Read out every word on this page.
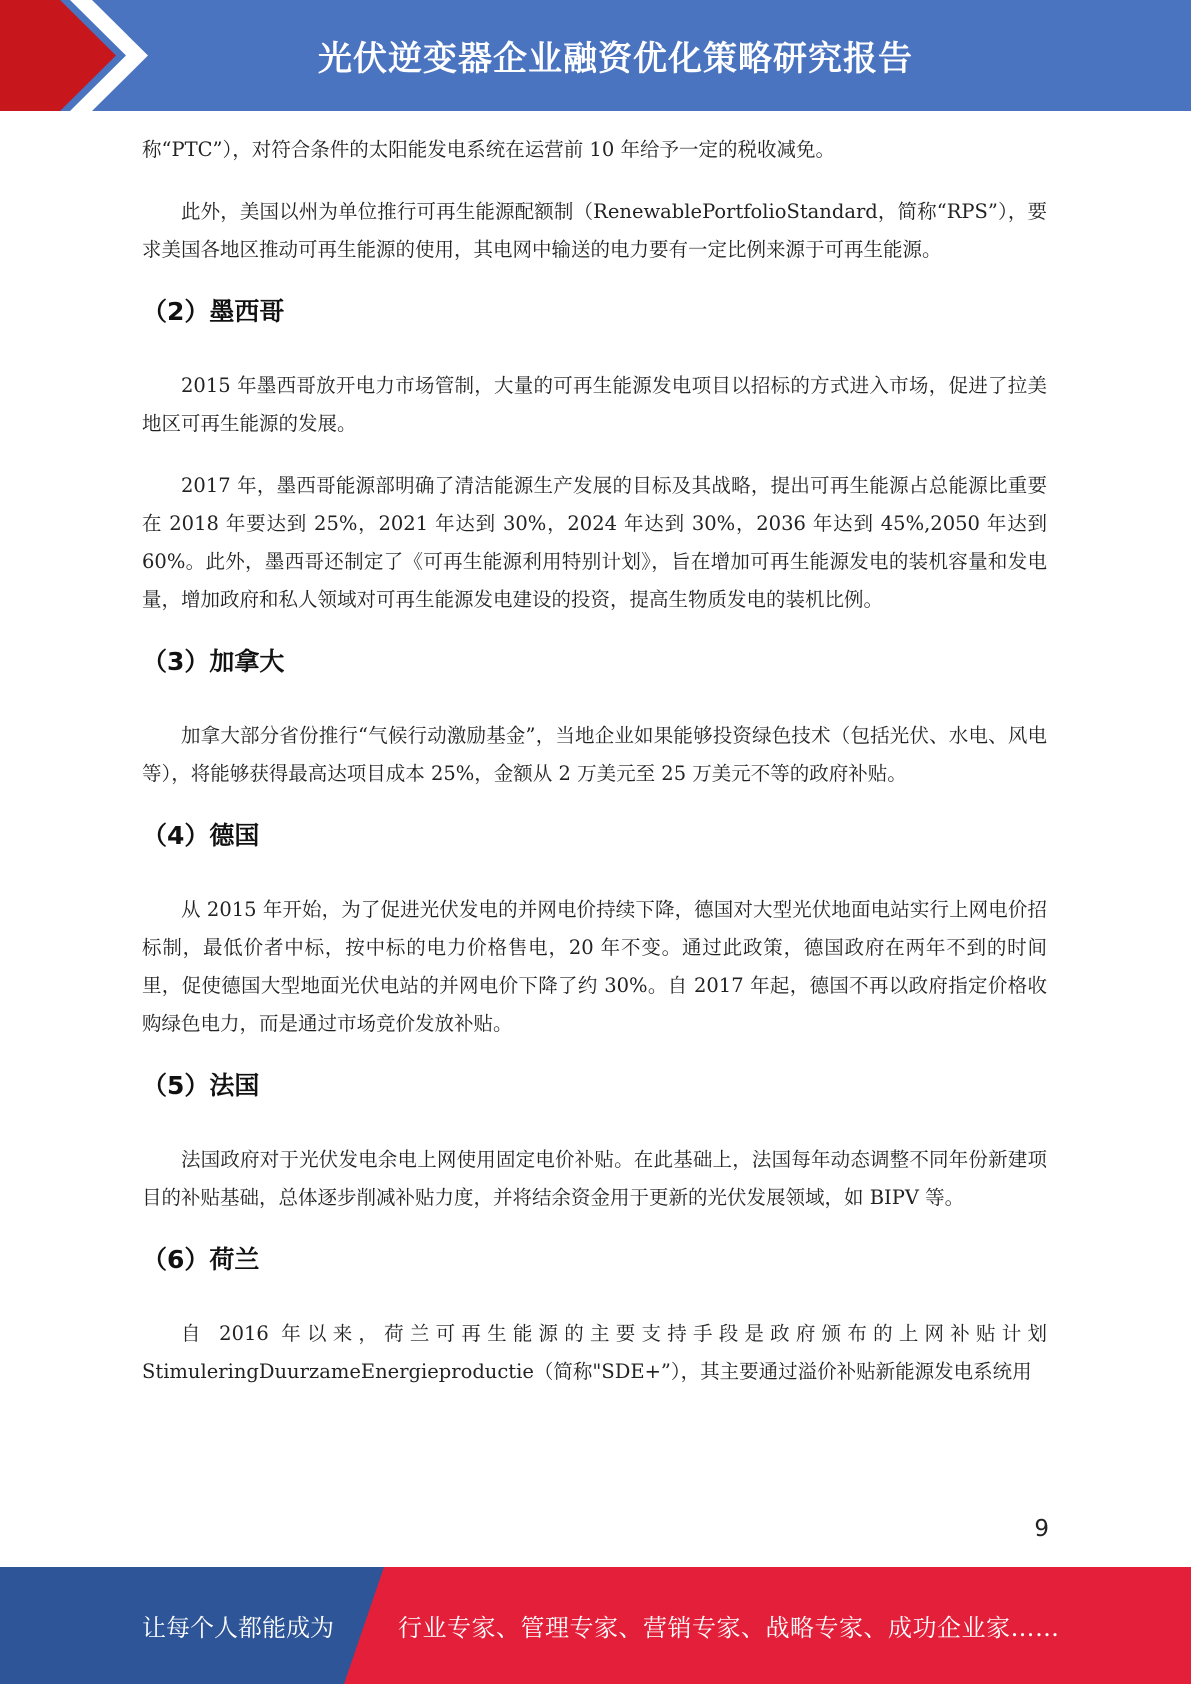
光伏逆变器企业融资优化策略研究报告

称“PTC”），对符合条件的太阳能发电系统在运营前 10 年给予一定的税收减免。

此外，美国以州为单位推行可再生能源配额制（RenewablePortfolioStandard，简称“RPS”），要求美国各地区推动可再生能源的使用，其电网中输送的电力要有一定比例来源于可再生能源。

（2）墨西哥

2015 年墨西哥放开电力市场管制，大量的可再生能源发电项目以招标的方式进入市场，促进了拉美地区可再生能源的发展。

2017 年，墨西哥能源部明确了清洁能源生产发展的目标及其战略，提出可再生能源占总能源比重要在 2018 年要达到 25%，2021 年达到 30%，2024 年达到 30%，2036 年达到 45%,2050 年达到60%。此外，墨西哥还制定了《可再生能源利用特别计划》，旨在增加可再生能源发电的装机容量和发电量，增加政府和私人领域对可再生能源发电建设的投资，提高生物质发电的装机比例。

（3）加拿大

加拿大部分省份推行“气候行动激励基金”，当地企业如果能够投资绿色技术（包括光伏、水电、风电等），将能够获得最高达项目成本 25%，金额从 2 万美元至 25 万美元不等的政府补贴。

（4）德国

从 2015 年开始，为了促进光伏发电的并网电价持续下降，德国对大型光伏地面电站实行上网电价招标制，最低价者中标，按中标的电力价格售电，20 年不变。通过此政策，德国政府在两年不到的时间里，促使德国大型地面光伏电站的并网电价下降了约 30%。自 2017 年起，德国不再以政府指定价格收购绿色电力，而是通过市场竞价发放补贴。

（5）法国

法国政府对于光伏发电余电上网使用固定电价补贴。在此基础上，法国每年动态调整不同年份新建项目的补贴基础，总体逐步削减补贴力度，并将结余资金用于更新的光伏发展领域，如 BIPV 等。

（6）荷兰

自 2016 年以来，荷兰可再生能源的主要支持手段是政府颁布的上网补贴计划StimuleringDuurzameEnergieproductie（简称"SDE+”），其主要通过溢价补贴新能源发电系统用

9
让每个人都能成为	行业专家、管理专家、营销专家、战略专家、成功企业家……
